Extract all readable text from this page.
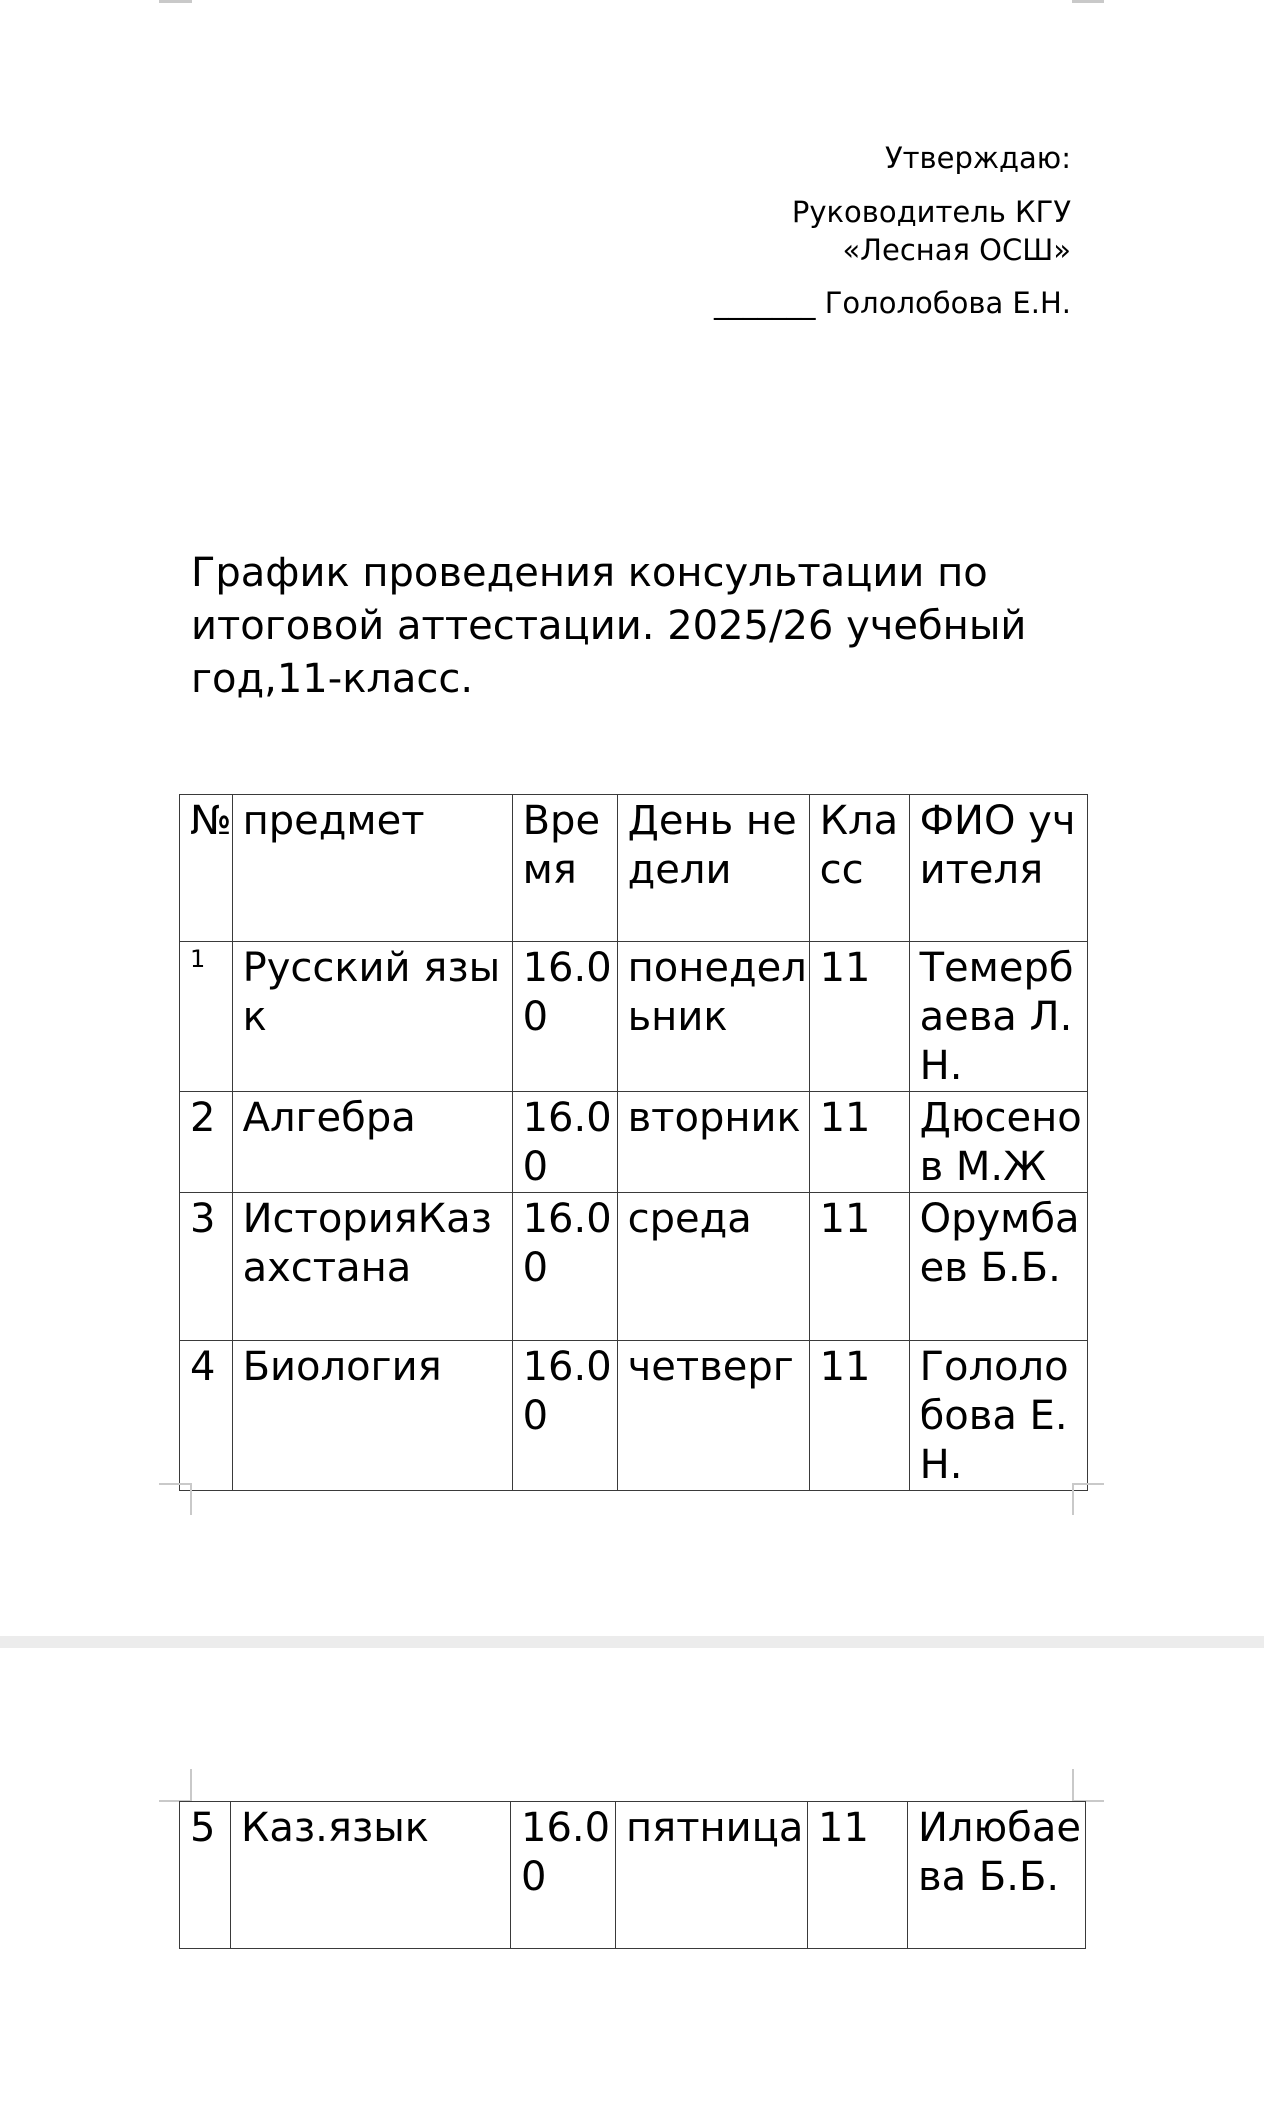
Утверждаю:
Руководитель КГУ
«Лесная ОСШ»
_______ Гололобова Е.Н.
График проведения консультации по итоговой аттестации. 2025/26 учебный год,11-класс.
№	предмет	Время	День недели	Класс	ФИО учителя
1	Русский язык	16.00	понедельник	11	Темербаева Л.Н.
2	Алгебра	16.00	вторник	11	Дюсенов М.Ж
3	ИсторияКазахстана	16.00	среда	11	Орумбаев Б.Б.
4	Биология	16.00	четверг	11	Гололобова Е.Н.
5	Каз.язык	16.00	пятница	11	Илюбаева Б.Б.
